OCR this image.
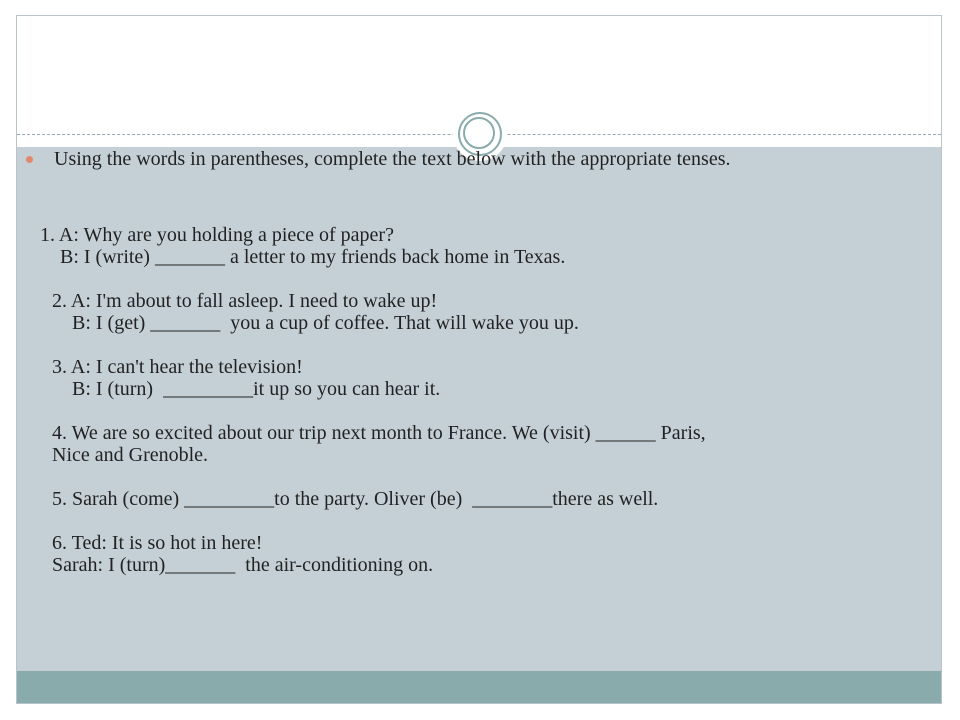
Using the words in parentheses, complete the text below with the appropriate tenses.
1. A: Why are you holding a piece of paper?
B: I (write) _______ a letter to my friends back home in Texas.
2. A: I'm about to fall asleep. I need to wake up!
B: I (get) _______  you a cup of coffee. That will wake you up.
3. A: I can't hear the television!
B: I (turn)  _________it up so you can hear it.
4. We are so excited about our trip next month to France. We (visit) ______ Paris,
Nice and Grenoble.
5. Sarah (come) _________to the party. Oliver (be)  ________there as well.
6. Ted: It is so hot in here!
Sarah: I (turn)_______  the air-conditioning on.
